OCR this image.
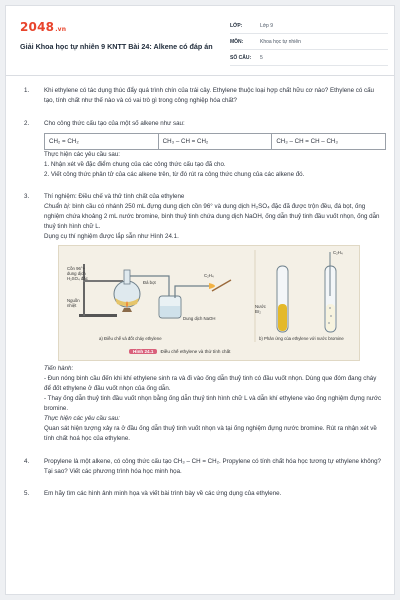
2048.vn
Giải Khoa học tự nhiên 9 KNTT Bài 24: Alkene có đáp án
LỚP:	Lớp 9
MÔN:	Khoa học tự nhiên
SỐ CÂU:	5
1.	Khi ethylene có tác dụng thúc đẩy quá trình chín của trái cây. Ethylene thuộc loại hợp chất hữu cơ nào? Ethylene có cấu tạo, tính chất như thế nào và có vai trò gì trong công nghiệp hóa chất?

2.	Cho công thức cấu tạo của một số alkene như sau:

CH₂ = CH₂	CH₃ – CH = CH₂	CH₃ – CH = CH – CH₃

Thực hiện các yêu cầu sau:

1. Nhận xét về đặc điểm chung của các công thức cấu tạo đã cho.

2. Viết công thức phân tử của các alkene trên, từ đó rút ra công thức chung của các alkene đó.

3.	Thí nghiệm: Điều chế và thử tính chất của ethylene

Chuẩn bị: bình cầu có nhánh 250 mL đựng dung dịch cồn 96° và dung dịch H₂SO₄ đặc đã được trộn đều, đá bọt, ống nghiệm chứa khoảng 2 mL nước bromine, bình thuỷ tinh chứa dung dịch NaOH, ống dẫn thuỷ tinh đầu vuốt nhọn, ống dẫn thuỷ tinh hình chữ L.

Dụng cụ thí nghiệm được lắp sẵn như Hình 24.1.

Cồn 96°+
dung dịch
H₂SO₄ đặc
Nguồn
nhiệt
Đá bọt
C₂H₄
Dung dịch NaOH
Nước
Br₂
C₂H₄
a) Điều chế và đốt cháy ethylene	b) Phản ứng của ethylene với nước bromine
Hình 24.1 Điều chế ethylene và thử tính chất

Tiến hành:

- Đun nóng bình cầu đến khi khí ethylene sinh ra và đi vào ống dẫn thuỷ tinh có đầu vuốt nhọn. Dùng que đóm đang cháy để đốt ethylene ở đầu vuốt nhọn của ống dẫn.

- Thay ống dẫn thuỷ tinh đầu vuốt nhọn bằng ống dẫn thuỷ tinh hình chữ L và dẫn khí ethylene vào ống nghiệm đựng nước bromine.

Thực hiện các yêu cầu sau:

Quan sát hiện tượng xảy ra ở đầu ống dẫn thuỷ tinh vuốt nhọn và tại ống nghiệm đựng nước bromine. Rút ra nhận xét về tính chất hoá học của ethylene.

4.	Propylene là một alkene, có công thức cấu tạo CH₃ – CH = CH₂. Propylene có tính chất hóa học tương tự ethylene không? Tại sao? Viết các phương trình hóa học minh họa.

5.	Em hãy tìm các hình ảnh minh họa và viết bài trình bày về các ứng dụng của ethylene.
